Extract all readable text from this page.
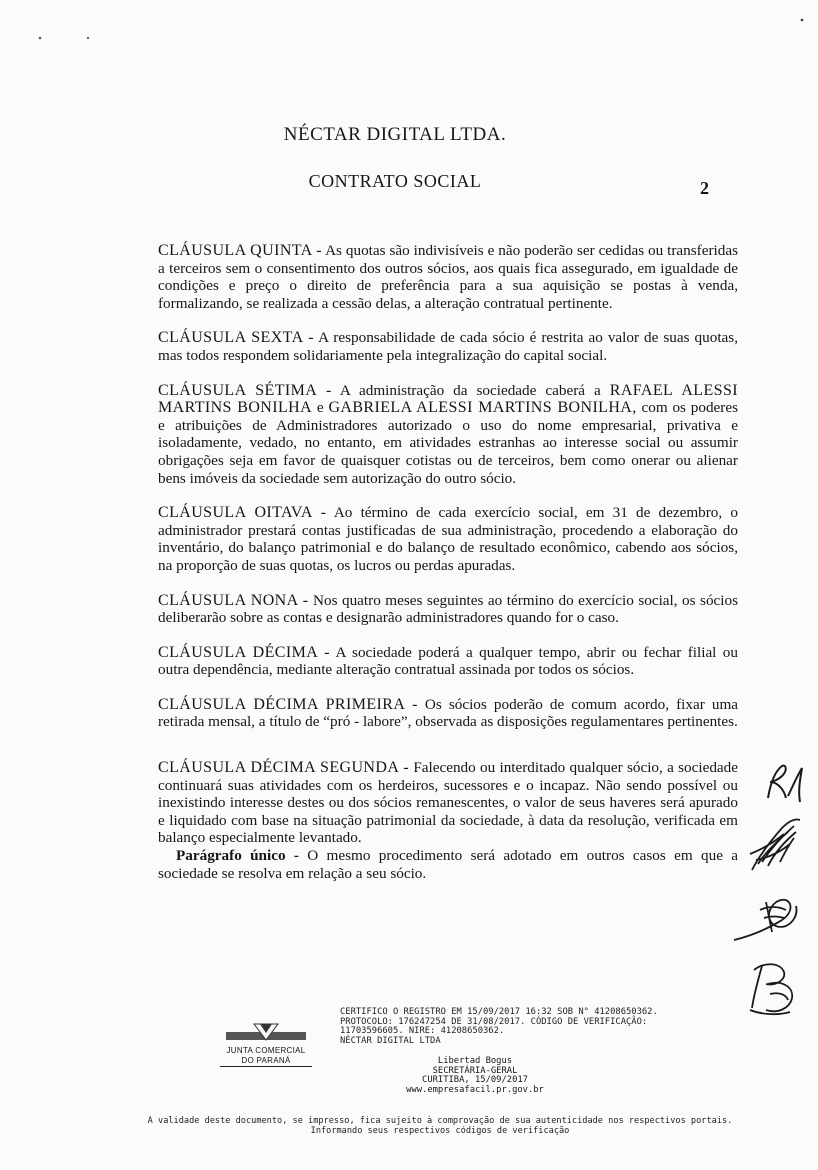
NÉCTAR DIGITAL LTDA.
CONTRATO SOCIAL	2

CLÁUSULA QUINTA - As quotas são indivisíveis e não poderão ser cedidas ou transferidas a terceiros sem o consentimento dos outros sócios, aos quais fica assegurado, em igualdade de condições e preço o direito de preferência para a sua aquisição se postas à venda, formalizando, se realizada a cessão delas, a alteração contratual pertinente.

CLÁUSULA SEXTA - A responsabilidade de cada sócio é restrita ao valor de suas quotas, mas todos respondem solidariamente pela integralização do capital social.

CLÁUSULA SÉTIMA - A administração da sociedade caberá a RAFAEL ALESSI MARTINS BONILHA e GABRIELA ALESSI MARTINS BONILHA, com os poderes e atribuições de Administradores autorizado o uso do nome empresarial, privativa e isoladamente, vedado, no entanto, em atividades estranhas ao interesse social ou assumir obrigações seja em favor de quaisquer cotistas ou de terceiros, bem como onerar ou alienar bens imóveis da sociedade sem autorização do outro sócio.

CLÁUSULA OITAVA - Ao término de cada exercício social, em 31 de dezembro, o administrador prestará contas justificadas de sua administração, procedendo a elaboração do inventário, do balanço patrimonial e do balanço de resultado econômico, cabendo aos sócios, na proporção de suas quotas, os lucros ou perdas apuradas.

CLÁUSULA NONA - Nos quatro meses seguintes ao término do exercício social, os sócios deliberarão sobre as contas e designarão administradores quando for o caso.

CLÁUSULA DÉCIMA - A sociedade poderá a qualquer tempo, abrir ou fechar filial ou outra dependência, mediante alteração contratual assinada por todos os sócios.

CLÁUSULA DÉCIMA PRIMEIRA - Os sócios poderão de comum acordo, fixar uma retirada mensal, a título de “pró - labore”, observada as disposições regulamentares pertinentes.

CLÁUSULA DÉCIMA SEGUNDA - Falecendo ou interditado qualquer sócio, a sociedade continuará suas atividades com os herdeiros, sucessores e o incapaz. Não sendo possível ou inexistindo interesse destes ou dos sócios remanescentes, o valor de seus haveres será apurado e liquidado com base na situação patrimonial da sociedade, à data da resolução, verificada em balanço especialmente levantado.

Parágrafo único - O mesmo procedimento será adotado em outros casos em que a sociedade se resolva em relação a seu sócio.

JUNTA COMERCIAL
DO PARANÁ
CERTIFICO O REGISTRO EM 15/09/2017 16:32 SOB N° 41208650362.
PROTOCOLO: 176247254 DE 31/08/2017. CÓDIGO DE VERIFICAÇÃO:
11703596605. NIRE: 41208650362.
NÉCTAR DIGITAL LTDA
Libertad Bogus
SECRETÁRIA-GERAL
CURITIBA, 15/09/2017
www.empresafacil.pr.gov.br
A validade deste documento, se impresso, fica sujeito à comprovação de sua autenticidade nos respectivos portais.
Informando seus respectivos códigos de verificação
